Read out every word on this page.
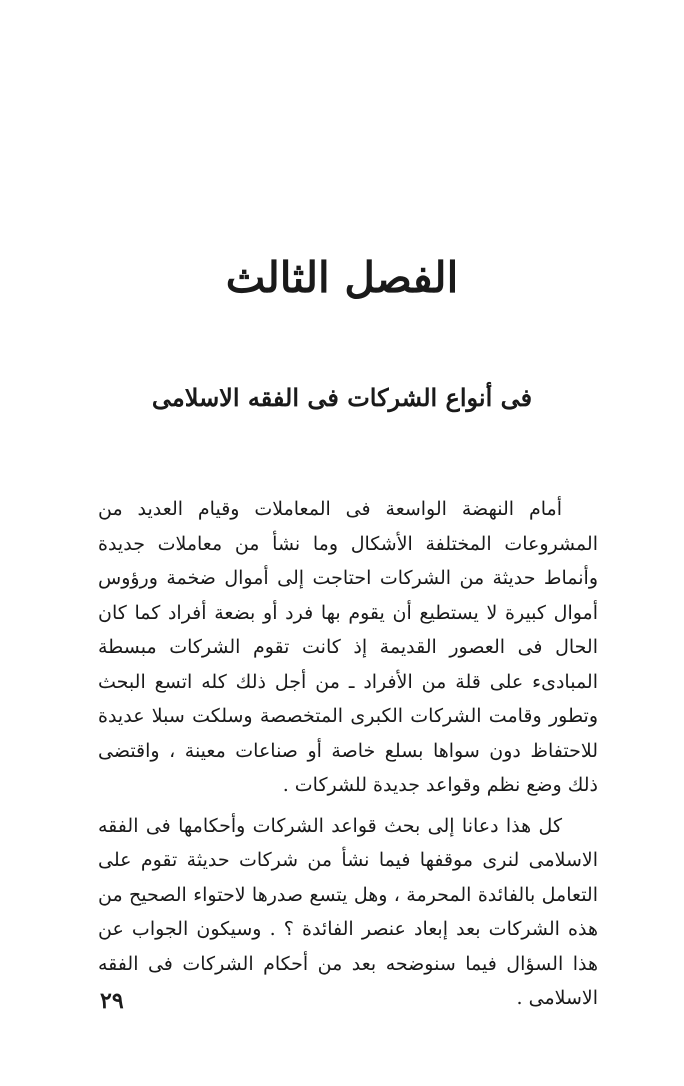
الفصل الثالث
فى أنواع الشركات فى الفقه الاسلامى

أمام النهضة الواسعة فى المعاملات وقيام العديد من المشروعات المختلفة الأشكال وما نشأ من معاملات جديدة وأنماط حديثة من الشركات احتاجت إلى أموال ضخمة ورؤوس أموال كبيرة لا يستطيع أن يقوم بها فرد أو بضعة أفراد كما كان الحال فى العصور القديمة إذ كانت تقوم الشركات مبسطة المبادىء على قلة من الأفراد ـ من أجل ذلك كله اتسع البحث وتطور وقامت الشركات الكبرى المتخصصة وسلكت سبلا عديدة للاحتفاظ دون سواها بسلع خاصة أو صناعات معينة ، واقتضى ذلك وضع نظم وقواعد جديدة للشركات .

كل هذا دعانا إلى بحث قواعد الشركات وأحكامها فى الفقه الاسلامى لنرى موقفها فيما نشأ من شركات حديثة تقوم على التعامل بالفائدة المحرمة ، وهل يتسع صدرها لاحتواء الصحيح من هذه الشركات بعد إبعاد عنصر الفائدة ؟ . وسيكون الجواب عن هذا السؤال فيما سنوضحه بعد من أحكام الشركات فى الفقه الاسلامى .

٢٩
